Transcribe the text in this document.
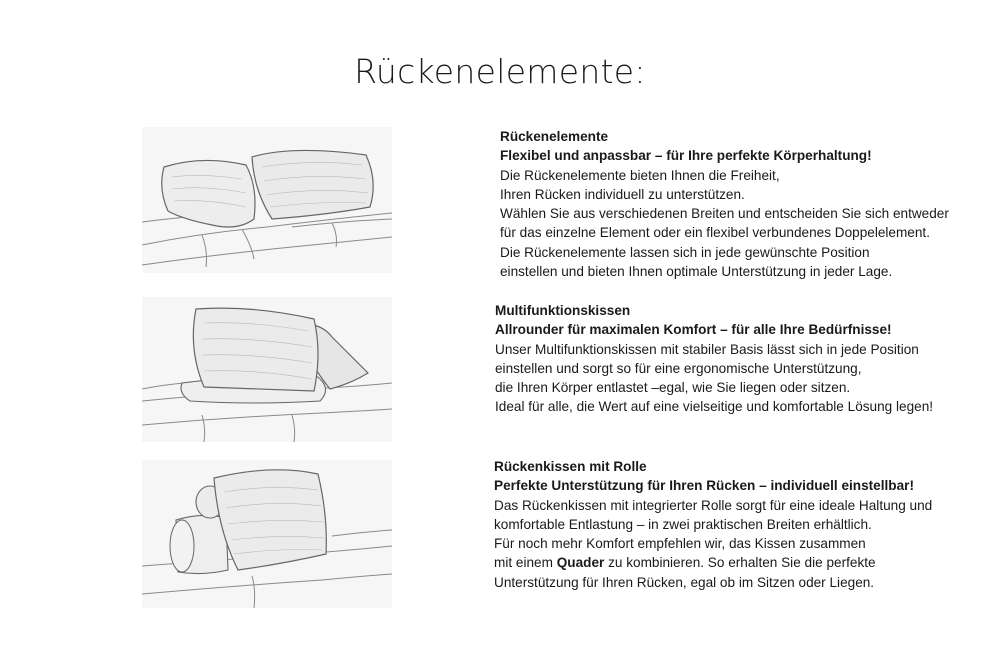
Rückenelemente:
Rückenelemente
Flexibel und anpassbar – für Ihre perfekte Körperhaltung!
Die Rückenelemente bieten Ihnen die Freiheit,
Ihren Rücken individuell zu unterstützen.
Wählen Sie aus verschiedenen Breiten und entscheiden Sie sich entweder
für das einzelne Element oder ein flexibel verbundenes Doppelelement.
Die Rückenelemente lassen sich in jede gewünschte Position
einstellen und bieten Ihnen optimale Unterstützung in jeder Lage.
Multifunktionskissen
Allrounder für maximalen Komfort – für alle Ihre Bedürfnisse!
Unser Multifunktionskissen mit stabiler Basis lässt sich in jede Position
einstellen und sorgt so für eine ergonomische Unterstützung,
die Ihren Körper entlastet –egal, wie Sie liegen oder sitzen.
Ideal für alle, die Wert auf eine vielseitige und komfortable Lösung legen!
Rückenkissen mit Rolle
Perfekte Unterstützung für Ihren Rücken – individuell einstellbar!
Das Rückenkissen mit integrierter Rolle sorgt für eine ideale Haltung und
komfortable Entlastung – in zwei praktischen Breiten erhältlich.
Für noch mehr Komfort empfehlen wir, das Kissen zusammen
mit einem Quader zu kombinieren. So erhalten Sie die perfekte
Unterstützung für Ihren Rücken, egal ob im Sitzen oder Liegen.
